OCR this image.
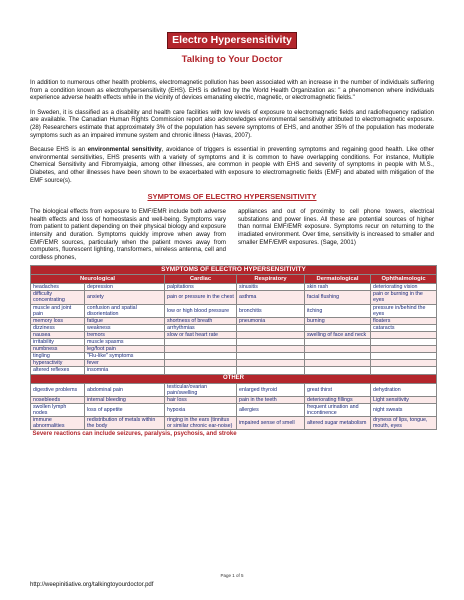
Electro Hypersensitivity
Talking to Your Doctor

In addition to numerous other health problems, electromagnetic pollution has been associated with an increase in the number of individuals suffering from a condition known as electrohypersensitivity (EHS). EHS is defined by the World Health Organization as: " a phenomenon where individuals experience adverse health effects while in the vicinity of devices emanating electric, magnetic, or electromagnetic fields."

In Sweden, it is classified as a disability and health care facilities with low levels of exposure to electromagnetic fields and radiofrequency radiation are available. The Canadian Human Rights Commission report also acknowledges environmental sensitivity attributed to electromagnetic exposure. (28) Researchers estimate that approximately 3% of the population has severe symptoms of EHS, and another 35% of the population has moderate symptoms such as an impaired immune system and chronic illness (Havas, 2007).

Because EHS is an environmental sensitivity, avoidance of triggers is essential in preventing symptoms and regaining good health. Like other environmental sensitivities, EHS presents with a variety of symptoms and it is common to have overlapping conditions. For instance, Multiple Chemical Sensitivity and Fibromyalgia, among other illnesses, are common in people with EHS and severity of symptoms in people with M.S., Diabetes, and other illnesses have been shown to be exacerbated with exposure to electromagnetic fields (EMF) and abated with mitigation of the EMF source(s).

SYMPTOMS OF ELECTRO HYPERSENSITIVITY

The biological effects from exposure to EMF/EMR include both adverse health effects and loss of homeostasis and well-being. Symptoms vary from patient to patient depending on their physical biology and exposure intensity and duration. Symptoms quickly improve when away from EMF/EMR sources, particularly when the patient moves away from computers, fluorescent lighting, transformers, wireless antenna, cell and cordless phones,

appliances and out of proximity to cell phone towers, electrical substations and power lines. All these are potential sources of higher than normal EMF/EMR exposure. Symptoms recur on returning to the irradiated environment. Over time, sensitivity is increased to smaller and smaller EMF/EMR exposures. (Sage, 2001)

SYMPTOMS OF ELECTRO HYPERSENSITIVITY					
Neurological		Cardiac	Respiratory	Dermatological	Ophthalmologic
headaches	depression	palpitations	sinusitis	skin rash	deteriorating vision
difficulty concentrating	anxiety	pain or pressure in the chest	asthma	facial flushing	pain or burning in the eyes
muscle and joint pain	confusion and spatial disorientation	low or high blood pressure	bronchitis	itching	pressure in/behind the eyes
memory loss	fatigue	shortness of breath	pneumonia	burning	floaters
dizziness	weakness	arrhythmias			cataracts
nausea	tremors	slow or fast heart rate		swelling of face and neck	
irritability	muscle spasms				
numbness	leg/foot pain				
tingling	"Flu-like" symptoms				
hyperactivity	fever				
altered reflexes	insomnia				
OTHER					
digestive problems	abdominal pain	testicular/ovarian pain/swelling	enlarged thyroid	great thirst	dehydration
nosebleeds	internal bleeding	hair loss	pain in the teeth	deteriorating fillings	Light sensitivity
swollen lymph nodes	loss of appetite	hypoxia	allergies	frequent urination and incontinence	night sweats
immune abnormalities	redistribution of metals within the body	ringing in the ears (tinnitus or similar chronic ear-noise)	impaired sense of smell	altered sugar metabolism	dryness of lips, tongue, mouth, eyes
Severe reactions can include seizures, paralysis, psychosis, and stroke					
Page 1 of 5
http://weepinitiative.org/talkingtoyourdoctor.pdf
